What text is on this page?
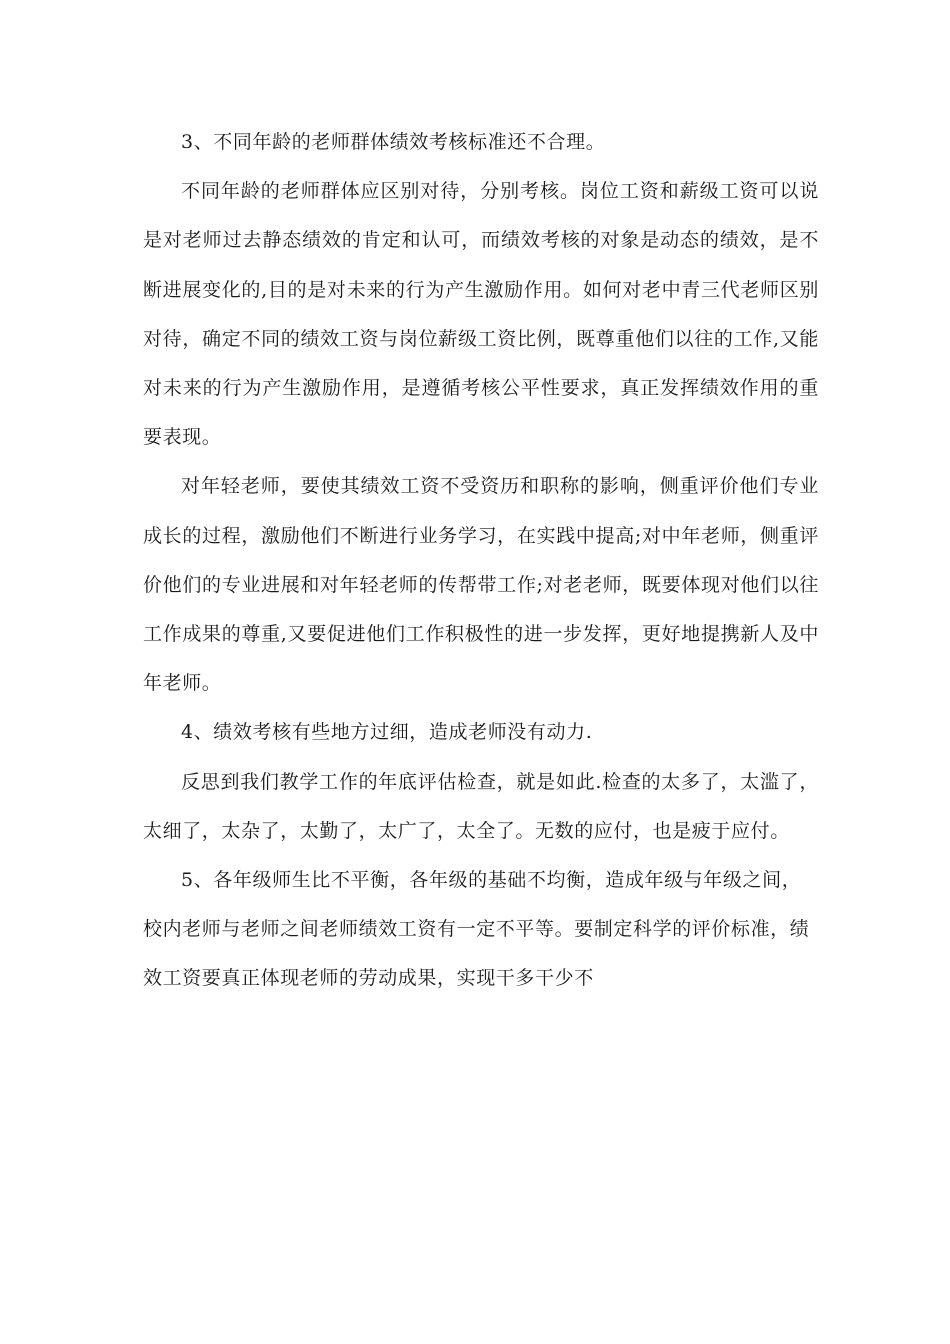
3、不同年龄的老师群体绩效考核标准还不合理。

不同年龄的老师群体应区别对待，分别考核。岗位工资和薪级工资可以说是对老师过去静态绩效的肯定和认可，而绩效考核的对象是动态的绩效，是不断进展变化的,目的是对未来的行为产生激励作用。如何对老中青三代老师区别对待，确定不同的绩效工资与岗位薪级工资比例，既尊重他们以往的工作,又能对未来的行为产生激励作用，是遵循考核公平性要求，真正发挥绩效作用的重要表现。

对年轻老师，要使其绩效工资不受资历和职称的影响，侧重评价他们专业成长的过程，激励他们不断进行业务学习，在实践中提高;对中年老师，侧重评价他们的专业进展和对年轻老师的传帮带工作;对老老师，既要体现对他们以往工作成果的尊重,又要促进他们工作积极性的进一步发挥，更好地提携新人及中年老师。

4、绩效考核有些地方过细，造成老师没有动力.

反思到我们教学工作的年底评估检查，就是如此.检查的太多了，太滥了，太细了，太杂了，太勤了，太广了，太全了。无数的应付，也是疲于应付。

5、各年级师生比不平衡，各年级的基础不均衡，造成年级与年级之间，校内老师与老师之间老师绩效工资有一定不平等。要制定科学的评价标准，绩效工资要真正体现老师的劳动成果，实现干多干少不
